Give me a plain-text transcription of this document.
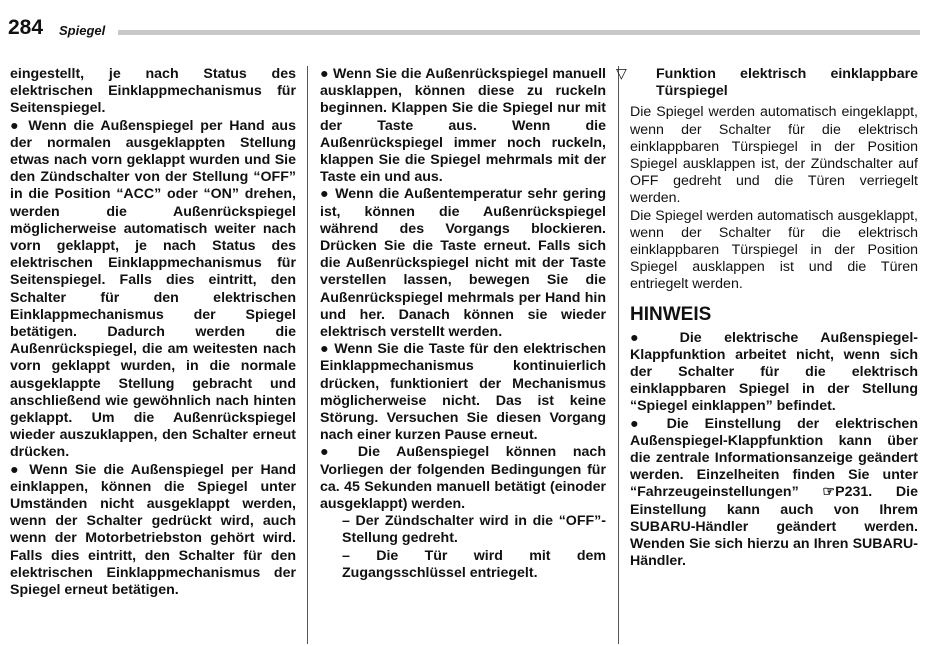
284 Spiegel

eingestellt, je nach Status des elektrischen Einklappmechanismus für Seitenspiegel.

● Wenn die Außenspiegel per Hand aus der normalen ausgeklappten Stellung etwas nach vorn geklappt wurden und Sie den Zündschalter von der Stellung “OFF” in die Position “ACC” oder “ON” drehen, werden die Außenrückspiegel möglicherweise automatisch weiter nach vorn geklappt, je nach Status des elektrischen Einklappmechanismus für Seitenspiegel. Falls dies eintritt, den Schalter für den elektrischen Einklappmechanismus der Spiegel betätigen. Dadurch werden die Außenrückspiegel, die am weitesten nach vorn geklappt wurden, in die normale ausgeklappte Stellung gebracht und anschließend wie gewöhnlich nach hinten geklappt. Um die Außenrückspiegel wieder auszuklappen, den Schalter erneut drücken.

● Wenn Sie die Außenspiegel per Hand einklappen, können die Spiegel unter Umständen nicht ausgeklappt werden, wenn der Schalter gedrückt wird, auch wenn der Motorbetriebston gehört wird. Falls dies eintritt, den Schalter für den elektrischen Einklappmechanismus der Spiegel erneut betätigen.

● Wenn Sie die Außenrückspiegel manuell ausklappen, können diese zu ruckeln beginnen. Klappen Sie die Spiegel nur mit der Taste aus. Wenn die Außenrückspiegel immer noch ruckeln, klappen Sie die Spiegel mehrmals mit der Taste ein und aus.

● Wenn die Außentemperatur sehr gering ist, können die Außenrückspiegel während des Vorgangs blockieren. Drücken Sie die Taste erneut. Falls sich die Außenrückspiegel nicht mit der Taste verstellen lassen, bewegen Sie die Außenrückspiegel mehrmals per Hand hin und her. Danach können sie wieder elektrisch verstellt werden.

● Wenn Sie die Taste für den elektrischen Einklappmechanismus kontinuierlich drücken, funktioniert der Mechanismus möglicherweise nicht. Das ist keine Störung. Versuchen Sie diesen Vorgang nach einer kurzen Pause erneut.

● Die Außenspiegel können nach Vorliegen der folgenden Bedingungen für ca. 45 Sekunden manuell betätigt (einoder ausgeklappt) werden.

– Der Zündschalter wird in die “OFF”-Stellung gedreht.

– Die Tür wird mit dem Zugangsschlüssel entriegelt.

▽ Funktion elektrisch einklappbare Türspiegel

Die Spiegel werden automatisch eingeklappt, wenn der Schalter für die elektrisch einklappbaren Türspiegel in der Position Spiegel ausklappen ist, der Zündschalter auf OFF gedreht und die Türen verriegelt werden.

Die Spiegel werden automatisch ausgeklappt, wenn der Schalter für die elektrisch einklappbaren Türspiegel in der Position Spiegel ausklappen ist und die Türen entriegelt werden.

HINWEIS

● Die elektrische Außenspiegel-Klappfunktion arbeitet nicht, wenn sich der Schalter für die elektrisch einklappbaren Spiegel in der Stellung “Spiegel einklappen” befindet.

● Die Einstellung der elektrischen Außenspiegel-Klappfunktion kann über die zentrale Informationsanzeige geändert werden. Einzelheiten finden Sie unter “Fahrzeugeinstellungen” ☞P231. Die Einstellung kann auch von Ihrem SUBARU-Händler geändert werden. Wenden Sie sich hierzu an Ihren SUBARU-Händler.
